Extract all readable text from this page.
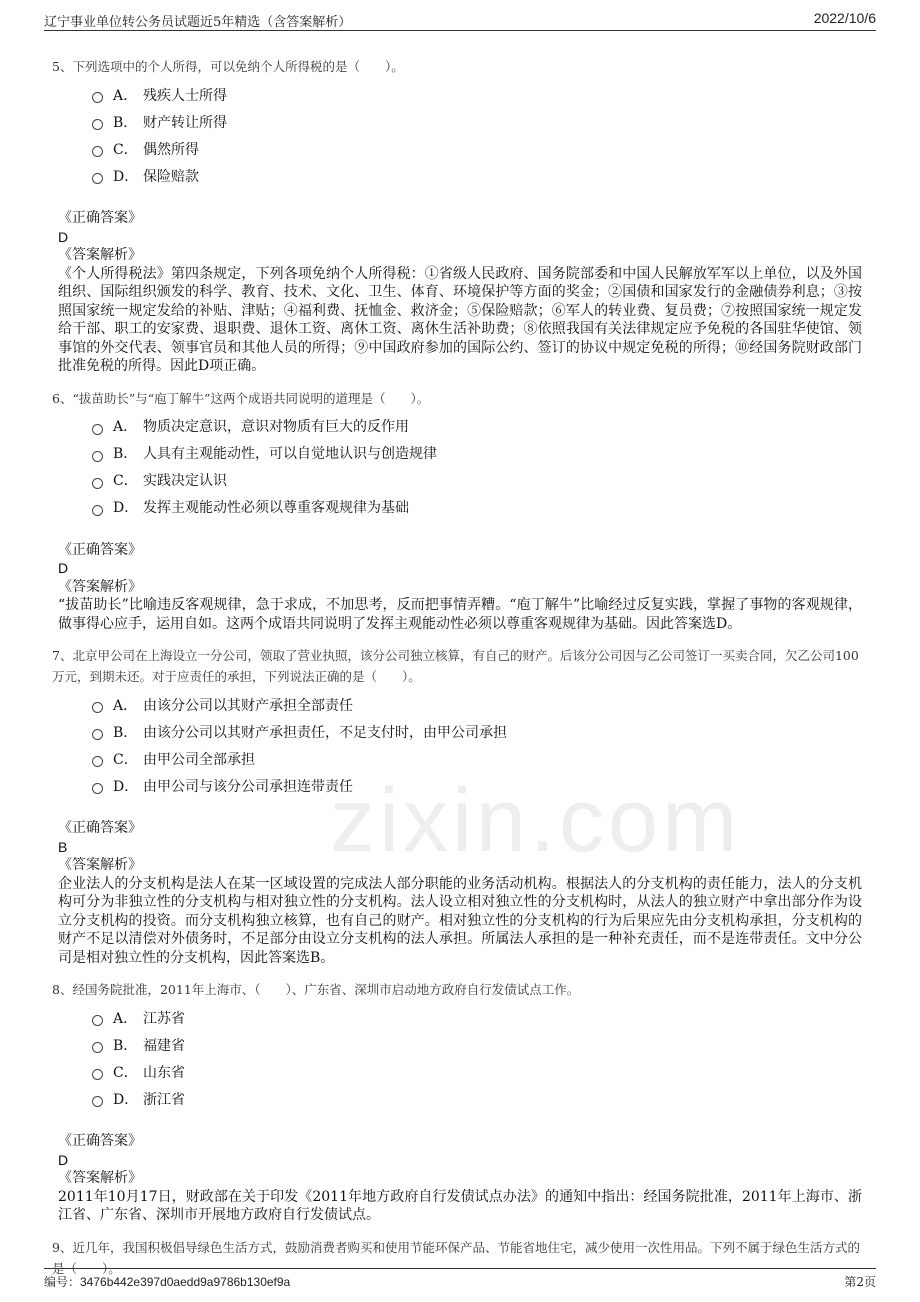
辽宁事业单位转公务员试题近5年精选（含答案解析）	2022/10/6
zixin.com

5、下列选项中的个人所得，可以免纳个人所得税的是（　　）。

A． 残疾人士所得
B． 财产转让所得
C． 偶然所得
D． 保险赔款
《正确答案》
D
《答案解析》

《个人所得税法》第四条规定，下列各项免纳个人所得税：①省级人民政府、国务院部委和中国人民解放军军以上单位，以及外国组织、国际组织颁发的科学、教育、技术、文化、卫生、体育、环境保护等方面的奖金；②国债和国家发行的金融债券利息；③按照国家统一规定发给的补贴、津贴；④福利费、抚恤金、救济金；⑤保险赔款；⑥军人的转业费、复员费；⑦按照国家统一规定发给干部、职工的安家费、退职费、退休工资、离休工资、离休生活补助费；⑧依照我国有关法律规定应予免税的各国驻华使馆、领事馆的外交代表、领事官员和其他人员的所得；⑨中国政府参加的国际公约、签订的协议中规定免税的所得；⑩经国务院财政部门批准免税的所得。因此D项正确。

6、“拔苗助长”与“庖丁解牛”这两个成语共同说明的道理是（　　）。

A． 物质决定意识，意识对物质有巨大的反作用
B． 人具有主观能动性，可以自觉地认识与创造规律
C． 实践决定认识
D． 发挥主观能动性必须以尊重客观规律为基础
《正确答案》
D
《答案解析》

“拔苗助长”比喻违反客观规律，急于求成，不加思考，反而把事情弄糟。“庖丁解牛”比喻经过反复实践，掌握了事物的客观规律，做事得心应手，运用自如。这两个成语共同说明了发挥主观能动性必须以尊重客观规律为基础。因此答案选D。

7、北京甲公司在上海设立一分公司，领取了营业执照，该分公司独立核算，有自己的财产。后该分公司因与乙公司签订一买卖合同，欠乙公司100万元，到期未还。对于应责任的承担，下列说法正确的是（　　）。

A． 由该分公司以其财产承担全部责任
B． 由该分公司以其财产承担责任，不足支付时，由甲公司承担
C． 由甲公司全部承担
D． 由甲公司与该分公司承担连带责任
《正确答案》
B
《答案解析》

企业法人的分支机构是法人在某一区域设置的完成法人部分职能的业务活动机构。根据法人的分支机构的责任能力，法人的分支机构可分为非独立性的分支机构与相对独立性的分支机构。法人设立相对独立性的分支机构时，从法人的独立财产中拿出部分作为设立分支机构的投资。而分支机构独立核算，也有自己的财产。相对独立性的分支机构的行为后果应先由分支机构承担，分支机构的财产不足以清偿对外债务时，不足部分由设立分支机构的法人承担。所属法人承担的是一种补充责任，而不是连带责任。文中分公司是相对独立性的分支机构，因此答案选B。

8、经国务院批准，2011年上海市、（　　）、广东省、深圳市启动地方政府自行发债试点工作。

A． 江苏省
B． 福建省
C． 山东省
D． 浙江省
《正确答案》
D
《答案解析》

2011年10月17日，财政部在关于印发《2011年地方政府自行发债试点办法》的通知中指出：经国务院批准，2011年上海市、浙江省、广东省、深圳市开展地方政府自行发债试点。

9、近几年，我国积极倡导绿色生活方式，鼓励消费者购买和使用节能环保产品、节能省地住宅，减少使用一次性用品。下列不属于绿色生活方式的是（　　）。

编号：3476b442e397d0aedd9a9786b130ef9a	第2页
